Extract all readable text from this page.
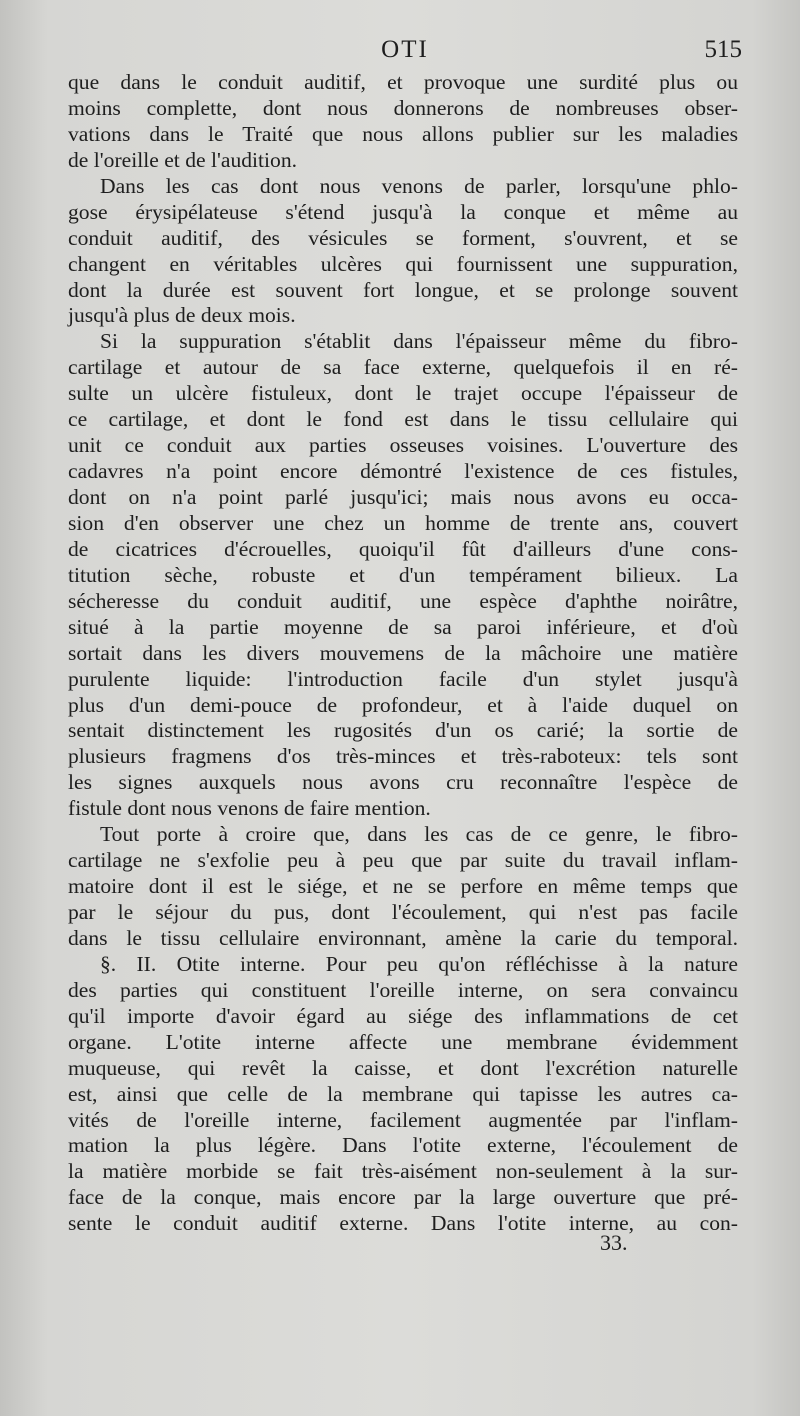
OTI	515
que dans le conduit auditif, et provoque une surdité plus ou
moins complette, dont nous donnerons de nombreuses obser-
vations dans le Traité que nous allons publier sur les maladies
de l'oreille et de l'audition.
Dans les cas dont nous venons de parler, lorsqu'une phlo-
gose érysipélateuse s'étend jusqu'à la conque et même au
conduit auditif, des vésicules se forment, s'ouvrent, et se
changent en véritables ulcères qui fournissent une suppuration,
dont la durée est souvent fort longue, et se prolonge souvent
jusqu'à plus de deux mois.
Si la suppuration s'établit dans l'épaisseur même du fibro-
cartilage et autour de sa face externe, quelquefois il en ré-
sulte un ulcère fistuleux, dont le trajet occupe l'épaisseur de
ce cartilage, et dont le fond est dans le tissu cellulaire qui
unit ce conduit aux parties osseuses voisines. L'ouverture des
cadavres n'a point encore démontré l'existence de ces fistules,
dont on n'a point parlé jusqu'ici; mais nous avons eu occa-
sion d'en observer une chez un homme de trente ans, couvert
de cicatrices d'écrouelles, quoiqu'il fût d'ailleurs d'une cons-
titution sèche, robuste et d'un tempérament bilieux. La
sécheresse du conduit auditif, une espèce d'aphthe noirâtre,
situé à la partie moyenne de sa paroi inférieure, et d'où
sortait dans les divers mouvemens de la mâchoire une matière
purulente liquide: l'introduction facile d'un stylet jusqu'à
plus d'un demi-pouce de profondeur, et à l'aide duquel on
sentait distinctement les rugosités d'un os carié; la sortie de
plusieurs fragmens d'os très-minces et très-raboteux: tels sont
les signes auxquels nous avons cru reconnaître l'espèce de
fistule dont nous venons de faire mention.
Tout porte à croire que, dans les cas de ce genre, le fibro-
cartilage ne s'exfolie peu à peu que par suite du travail inflam-
matoire dont il est le siége, et ne se perfore en même temps que
par le séjour du pus, dont l'écoulement, qui n'est pas facile
dans le tissu cellulaire environnant, amène la carie du temporal.
§. II. Otite interne. Pour peu qu'on réfléchisse à la nature
des parties qui constituent l'oreille interne, on sera convaincu
qu'il importe d'avoir égard au siége des inflammations de cet
organe. L'otite interne affecte une membrane évidemment
muqueuse, qui revêt la caisse, et dont l'excrétion naturelle
est, ainsi que celle de la membrane qui tapisse les autres ca-
vités de l'oreille interne, facilement augmentée par l'inflam-
mation la plus légère. Dans l'otite externe, l'écoulement de
la matière morbide se fait très-aisément non-seulement à la sur-
face de la conque, mais encore par la large ouverture que pré-
sente le conduit auditif externe. Dans l'otite interne, au con-
33.
